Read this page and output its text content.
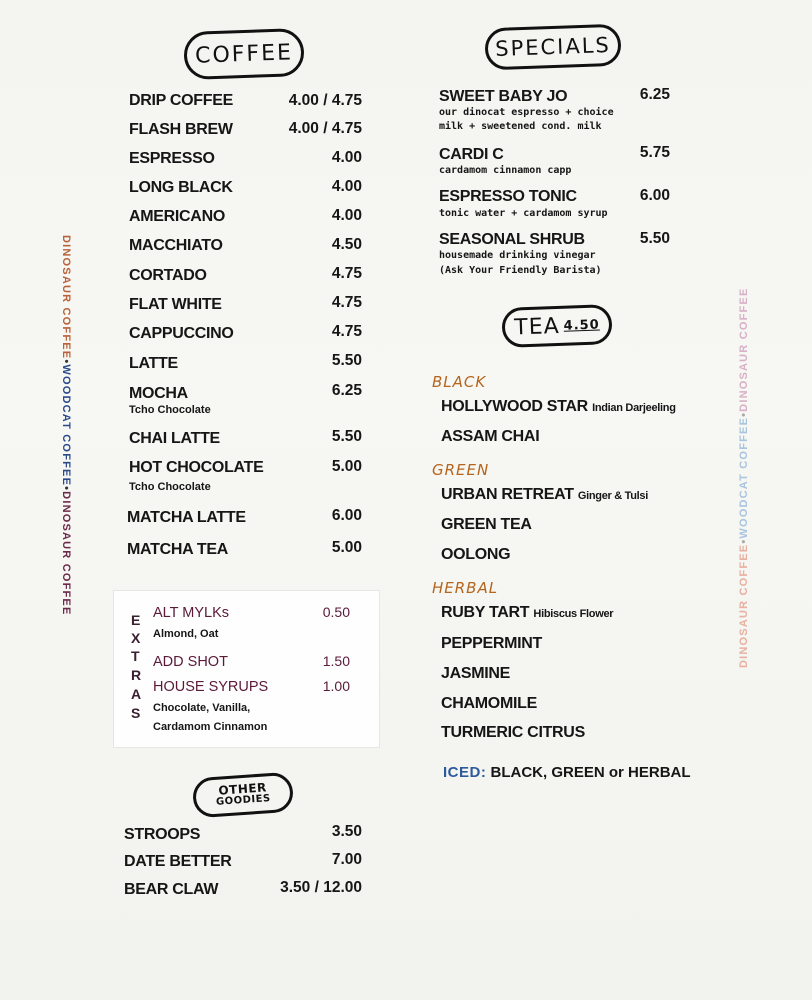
DINOSAUR COFFEE•WOODCAT COFFEE•DINOSAUR COFFEE	DINOSAUR COFFEE•WOODCAT COFFEE•DINOSAUR COFFEE
COFFEE
DRIP COFFEE	4.00 / 4.75
FLASH BREW	4.00 / 4.75
ESPRESSO	4.00
LONG BLACK	4.00
AMERICANO	4.00
MACCHIATO	4.50
CORTADO	4.75
FLAT WHITE	4.75
CAPPUCCINO	4.75
LATTE	5.50
MOCHA	6.25
Tcho Chocolate
CHAI LATTE	5.50
HOT CHOCOLATE	5.00
Tcho Chocolate
MATCHA LATTE	6.00
MATCHA TEA	5.00
E
X
T
R
A
S
ALT MYLKs	0.50
Almond, Oat
ADD SHOT	1.50
HOUSE SYRUPS	1.00
Chocolate, Vanilla,
Cardamom Cinnamon
OTHER
GOODIES
STROOPS	3.50
DATE BETTER	7.00
BEAR CLAW	3.50 / 12.00
SPECIALS
SWEET BABY JO	6.25
our dinocat espresso + choice
milk + sweetened cond. milk
CARDI C	5.75
cardamom cinnamon capp
ESPRESSO TONIC	6.00
tonic water + cardamom syrup
SEASONAL SHRUB	5.50
housemade drinking vinegar
(Ask Your Friendly Barista)
TEA 4.50
BLACK
HOLLYWOOD STAR Indian Darjeeling
ASSAM CHAI
GREEN
URBAN RETREAT Ginger & Tulsi
GREEN TEA
OOLONG
HERBAL
RUBY TART Hibiscus Flower
PEPPERMINT
JASMINE
CHAMOMILE
TURMERIC CITRUS
ICED: BLACK, GREEN or HERBAL
